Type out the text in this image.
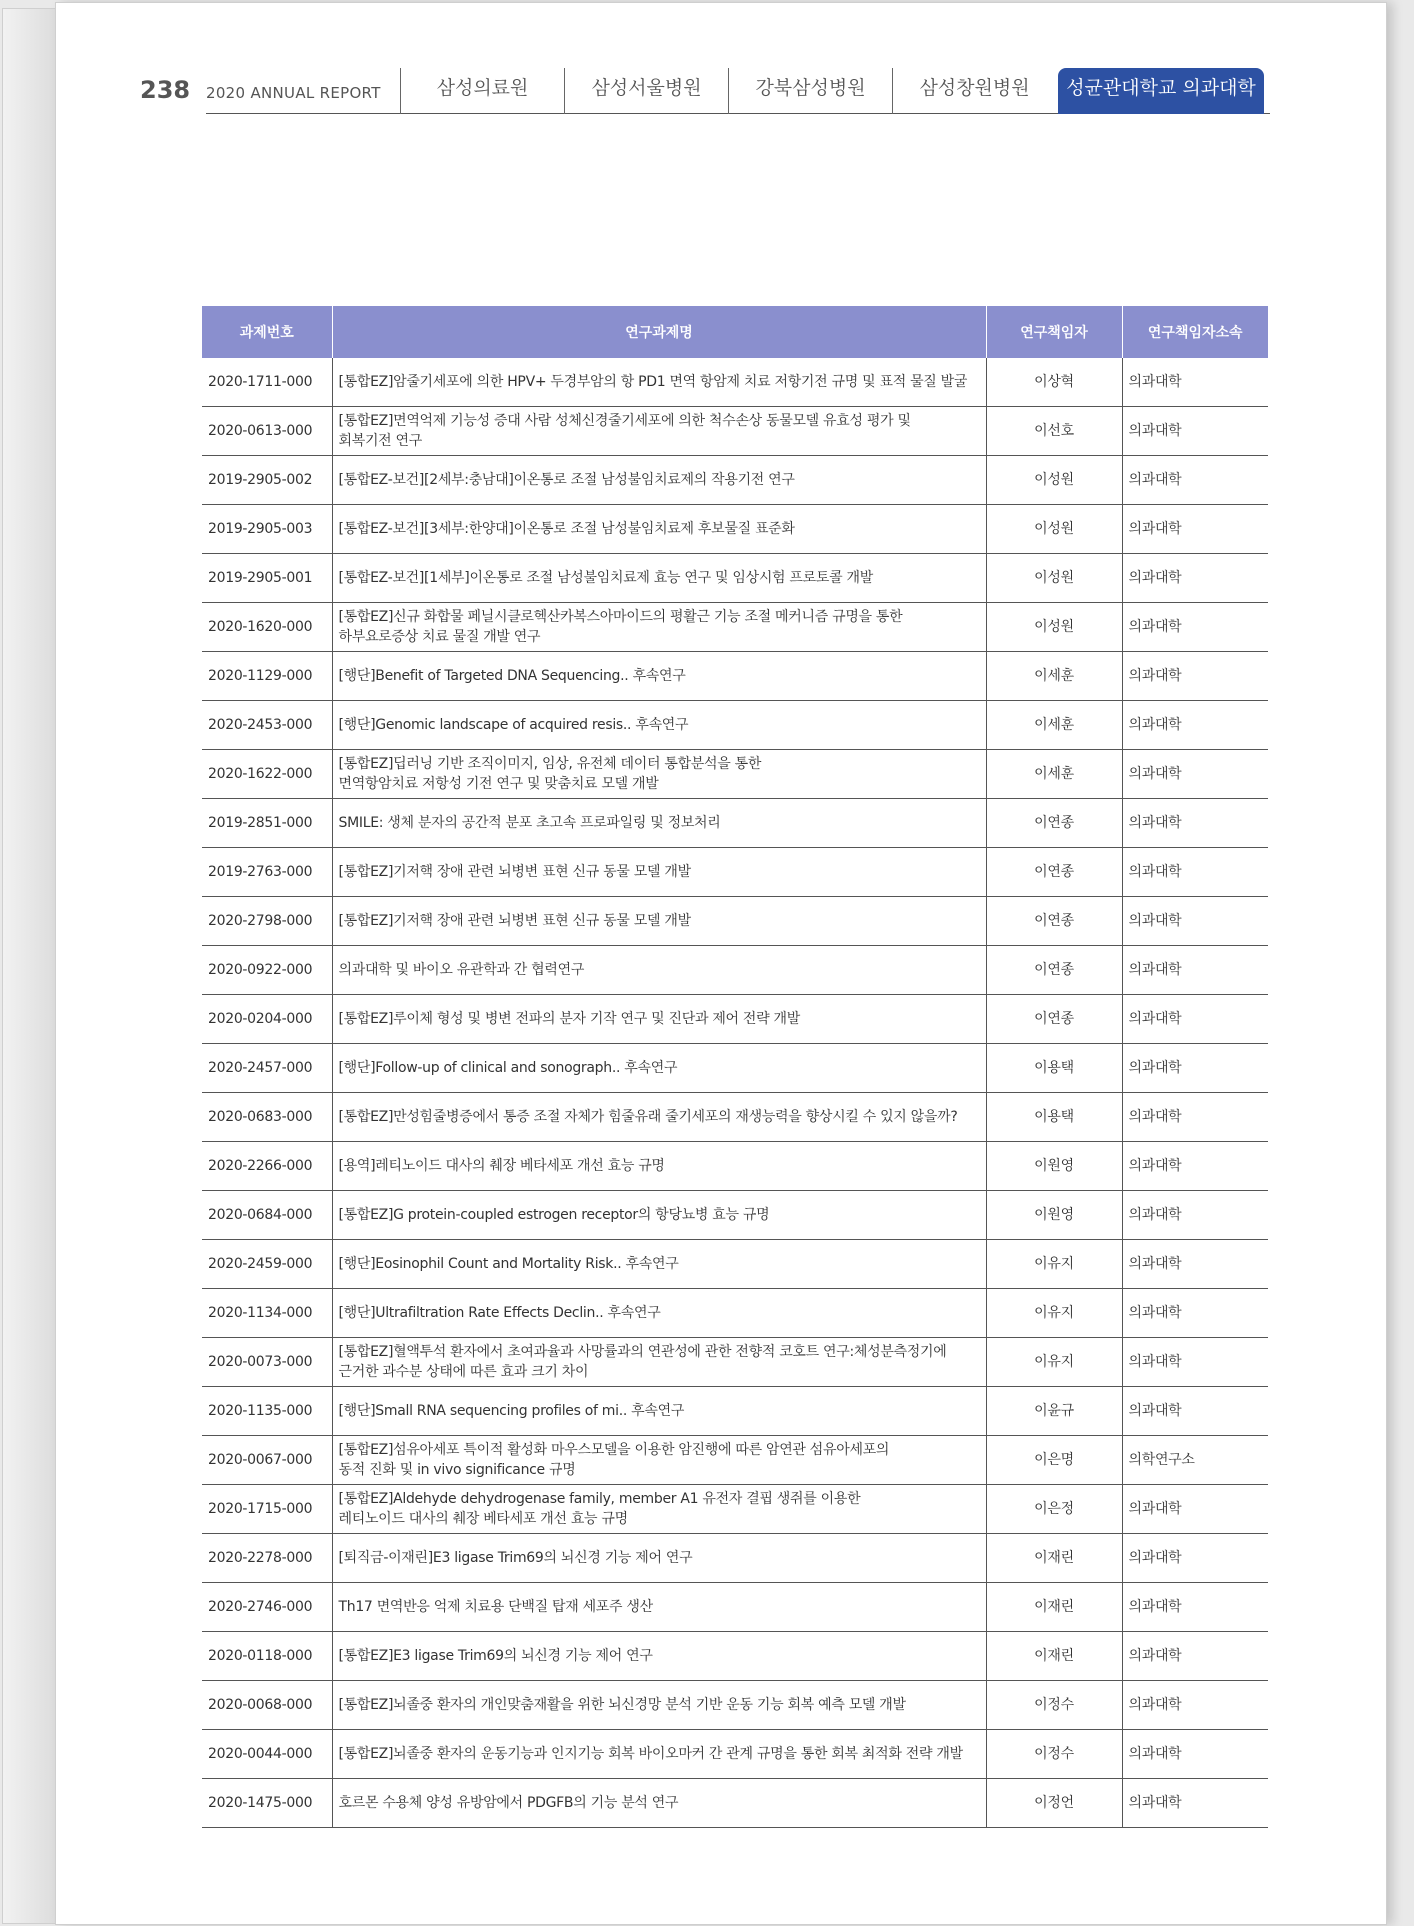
238 2020 ANNUAL REPORT	삼성의료원	삼성서울병원	강북삼성병원	삼성창원병원	성균관대학교 의과대학
과제번호	연구과제명	연구책임자	연구책임자소속
2020-1711-000	[통합EZ]암줄기세포에 의한 HPV+ 두경부암의 항 PD1 면역 항암제 치료 저항기전 규명 및 표적 물질 발굴	이상혁	의과대학
2020-0613-000	[통합EZ]면역억제 기능성 증대 사람 성체신경줄기세포에 의한 척수손상 동물모델 유효성 평가 및
회복기전 연구	이선호	의과대학
2019-2905-002	[통합EZ-보건][2세부:충남대]이온통로 조절 남성불임치료제의 작용기전 연구	이성원	의과대학
2019-2905-003	[통합EZ-보건][3세부:한양대]이온통로 조절 남성불임치료제 후보물질 표준화	이성원	의과대학
2019-2905-001	[통합EZ-보건][1세부]이온통로 조절 남성불임치료제 효능 연구 및 임상시험 프로토콜 개발	이성원	의과대학
2020-1620-000	[통합EZ]신규 화합물 페닐시클로헥산카복스아마이드의 평활근 기능 조절 메커니즘 규명을 통한
하부요로증상 치료 물질 개발 연구	이성원	의과대학
2020-1129-000	[행단]Benefit of Targeted DNA Sequencing.. 후속연구	이세훈	의과대학
2020-2453-000	[행단]Genomic landscape of acquired resis.. 후속연구	이세훈	의과대학
2020-1622-000	[통합EZ]딥러닝 기반 조직이미지, 임상, 유전체 데이터 통합분석을 통한
면역항암치료 저항성 기전 연구 및 맞춤치료 모델 개발	이세훈	의과대학
2019-2851-000	SMILE: 생체 분자의 공간적 분포 초고속 프로파일링 및 정보처리	이연종	의과대학
2019-2763-000	[통합EZ]기저핵 장애 관련 뇌병변 표현 신규 동물 모델 개발	이연종	의과대학
2020-2798-000	[통합EZ]기저핵 장애 관련 뇌병변 표현 신규 동물 모델 개발	이연종	의과대학
2020-0922-000	의과대학 및 바이오 유관학과 간 협력연구	이연종	의과대학
2020-0204-000	[통합EZ]루이체 형성 및 병변 전파의 분자 기작 연구 및 진단과 제어 전략 개발	이연종	의과대학
2020-2457-000	[행단]Follow-up of clinical and sonograph.. 후속연구	이용택	의과대학
2020-0683-000	[통합EZ]만성힘줄병증에서 통증 조절 자체가 힘줄유래 줄기세포의 재생능력을 향상시킬 수 있지 않을까?	이용택	의과대학
2020-2266-000	[용역]레티노이드 대사의 췌장 베타세포 개선 효능 규명	이원영	의과대학
2020-0684-000	[통합EZ]G protein-coupled estrogen receptor의 항당뇨병 효능 규명	이원영	의과대학
2020-2459-000	[행단]Eosinophil Count and Mortality Risk.. 후속연구	이유지	의과대학
2020-1134-000	[행단]Ultrafiltration Rate Effects Declin.. 후속연구	이유지	의과대학
2020-0073-000	[통합EZ]혈액투석 환자에서 초여과율과 사망률과의 연관성에 관한 전향적 코호트 연구:체성분측정기에
근거한 과수분 상태에 따른 효과 크기 차이	이유지	의과대학
2020-1135-000	[행단]Small RNA sequencing profiles of mi.. 후속연구	이윤규	의과대학
2020-0067-000	[통합EZ]섬유아세포 특이적 활성화 마우스모델을 이용한 암진행에 따른 암연관 섬유아세포의
동적 진화 및 in vivo significance 규명	이은명	의학연구소
2020-1715-000	[통합EZ]Aldehyde dehydrogenase family, member A1 유전자 결핍 생쥐를 이용한
레티노이드 대사의 췌장 베타세포 개선 효능 규명	이은정	의과대학
2020-2278-000	[퇴직금-이재린]E3 ligase Trim69의 뇌신경 기능 제어 연구	이재린	의과대학
2020-2746-000	Th17 면역반응 억제 치료용 단백질 탑재 세포주 생산	이재린	의과대학
2020-0118-000	[통합EZ]E3 ligase Trim69의 뇌신경 기능 제어 연구	이재린	의과대학
2020-0068-000	[통합EZ]뇌졸중 환자의 개인맞춤재활을 위한 뇌신경망 분석 기반 운동 기능 회복 예측 모델 개발	이정수	의과대학
2020-0044-000	[통합EZ]뇌졸중 환자의 운동기능과 인지기능 회복 바이오마커 간 관계 규명을 통한 회복 최적화 전략 개발	이정수	의과대학
2020-1475-000	호르몬 수용체 양성 유방암에서 PDGFB의 기능 분석 연구	이정언	의과대학
